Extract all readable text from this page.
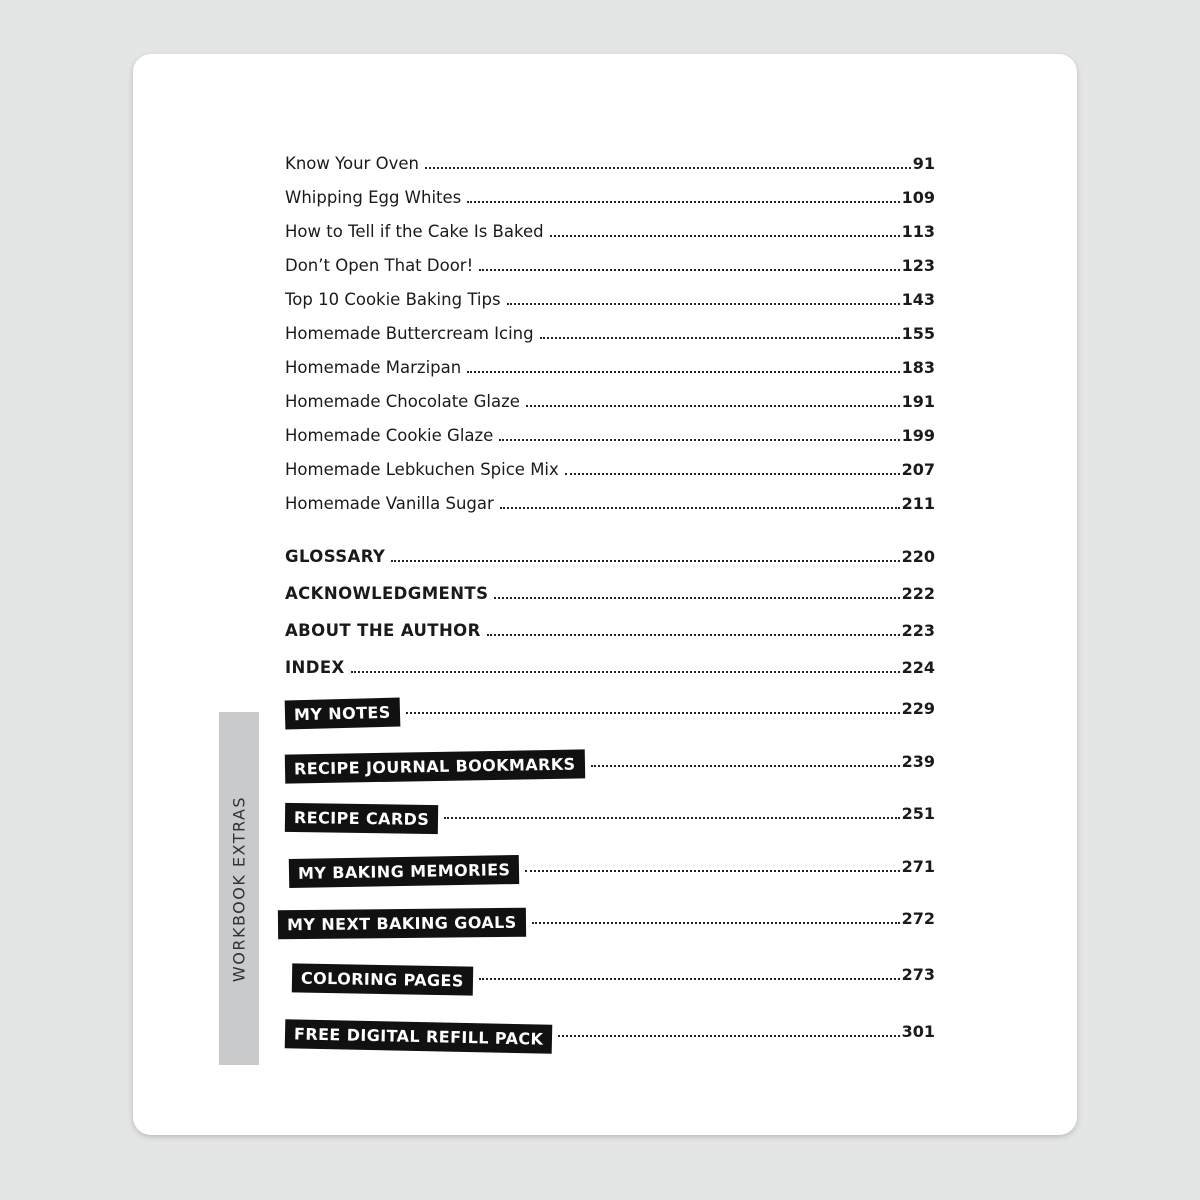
Know Your Oven	91
Whipping Egg Whites	109
How to Tell if the Cake Is Baked	113
Don’t Open That Door!	123
Top 10 Cookie Baking Tips	143
Homemade Buttercream Icing	155
Homemade Marzipan	183
Homemade Chocolate Glaze	191
Homemade Cookie Glaze	199
Homemade Lebkuchen Spice Mix	207
Homemade Vanilla Sugar	211
GLOSSARY	220
ACKNOWLEDGMENTS	222
ABOUT THE AUTHOR	223
INDEX	224
MY NOTES	229
RECIPE JOURNAL BOOKMARKS	239
RECIPE CARDS	251
MY BAKING MEMORIES	271
MY NEXT BAKING GOALS	272
COLORING PAGES	273
FREE DIGITAL REFILL PACK	301
WORKBOOK EXTRAS
